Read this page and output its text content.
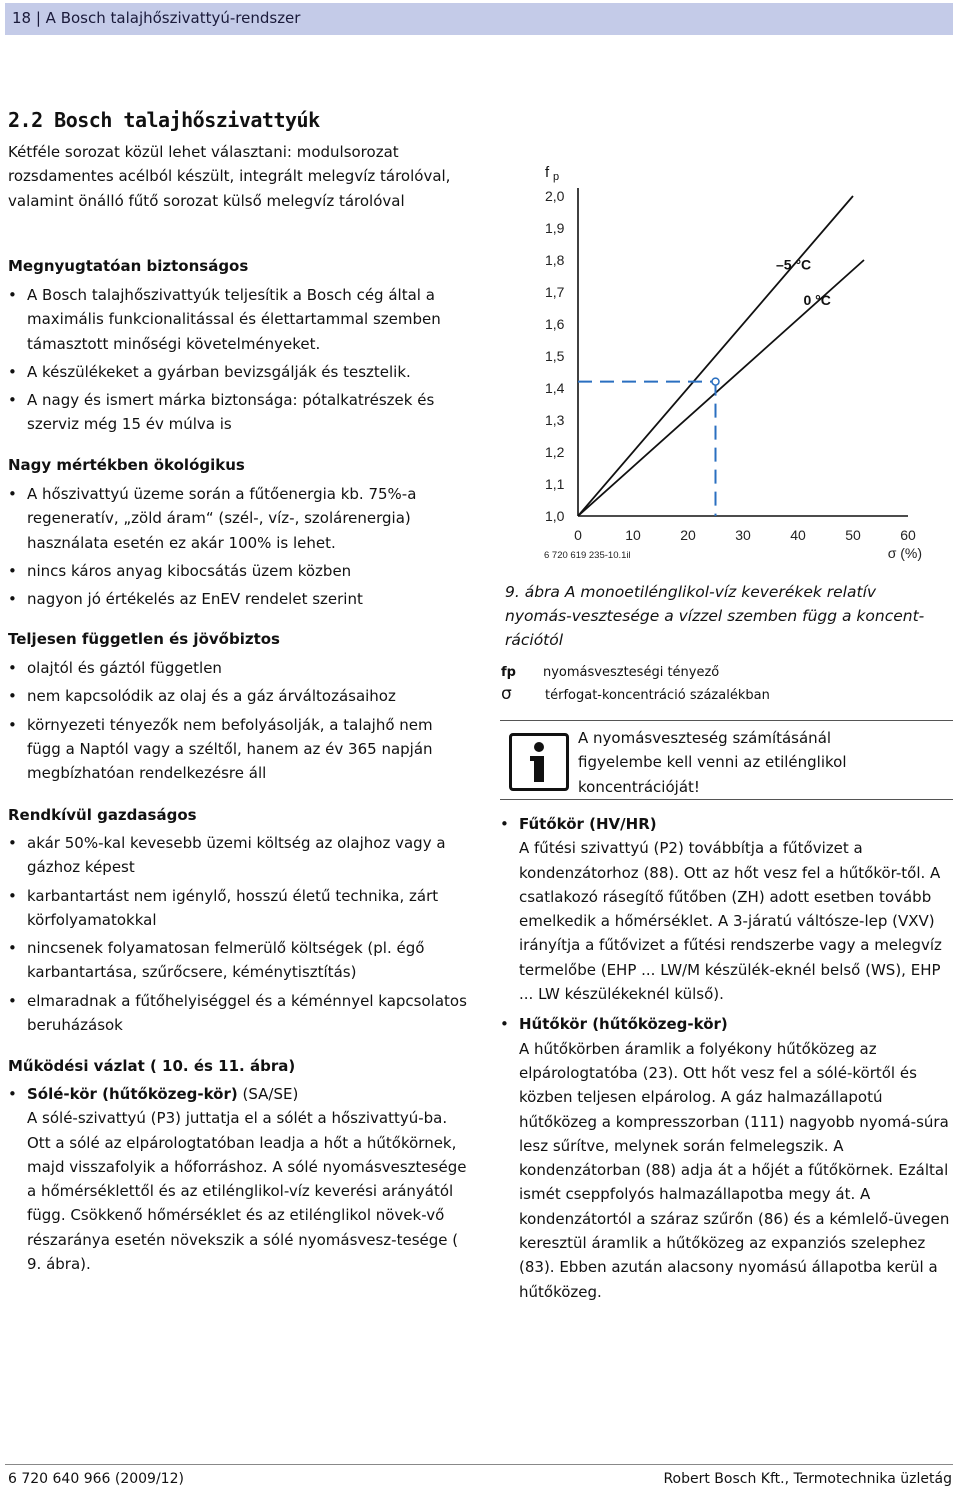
18 | A Bosch talajhőszivattyú-rendszer
2.2 Bosch talajhőszivattyúk
Kétféle sorozat közül lehet választani: modulsorozat rozsdamentes acélból készült, integrált melegvíz tárolóval, valamint önálló fűtő sorozat külső melegvíz tárolóval
Megnyugtatóan biztonságos
• A Bosch talajhőszivattyúk teljesítik a Bosch cég által a maximális funkcionalitással és élettartammal szemben támasztott minőségi követelményeket.
• A készülékeket a gyárban bevizsgálják és tesztelik.
• A nagy és ismert márka biztonsága: pótalkatrészek és szerviz még 15 év múlva is
Nagy mértékben ökológikus
• A hőszivattyú üzeme során a fűtőenergia kb. 75%-a regeneratív, „zöld áram“ (szél-, víz-, szolárenergia) használata esetén ez akár 100% is lehet.
• nincs káros anyag kibocsátás üzem közben
• nagyon jó értékelés az EnEV rendelet szerint
Teljesen független és jövőbiztos
• olajtól és gáztól független
• nem kapcsolódik az olaj és a gáz árváltozásaihoz
• környezeti tényezők nem befolyásolják, a talajhő nem függ a Naptól vagy a széltől, hanem az év 365 napján megbízhatóan rendelkezésre áll
Rendkívül gazdaságos
• akár 50%-kal kevesebb üzemi költség az olajhoz vagy a gázhoz képest
• karbantartást nem igénylő, hosszú életű technika, zárt körfolyamatokkal
• nincsenek folyamatosan felmerülő költségek (pl. égő karbantartása, szűrőcsere, kéménytisztítás)
• elmaradnak a fűtőhelyiséggel és a kéménnyel kapcsolatos beruházások
Működési vázlat ( 10. és 11. ábra)
• Sólé-kör (hűtőközeg-kör) (SA/SE)
A sólé-szivattyú (P3) juttatja el a sólét a hőszivattyú-ba. Ott a sólé az elpárologtatóban leadja a hőt a hűtőkörnek, majd visszafolyik a hőforráshoz. A sólé nyomásvesztesége a hőmérséklettől és az etilénglikol-víz keverési arányától függ. Csökkenő hőmérséklet és az etilénglikol növek-vő részaránya esetén növekszik a sólé nyomásvesz-tesége ( 9. ábra).
f p
2,0
1,9
1,8
1,7
1,6
1,5
1,4
1,3
1,2
1,1
1,0
0	10	20	30	40	50	60
σ (%)
6 720 619 235-10.1il
–5 °C
0 °C
9. ábra A monoetilénglikol-víz keverékek relatív nyomás-veszteségе a vízzel szemben függ a koncent-rációtól
fp nyomásveszteségi tényező
σ	térfogat-koncentráció százalékban
A nyomásveszteség számításánál figyelembe kell venni az etilénglikol koncentrációját!
• Fűtőkör (HV/HR)
A fűtési szivattyú (P2) továbbítja a fűtővizet a kondenzátorhoz (88). Ott az hőt vesz fel a hűtőkör-től. A csatlakozó rásegítő fűtőben (ZH) adott esetben tovább emelkedik a hőmérséklet. A 3-járatú váltósze-lep (VXV) irányítja a fűtővizet a fűtési rendszerbe vagy a melegvíz termelőbe (EHP ... LW/M készülék-eknél belső (WS), EHP ... LW készülékeknél külső).
• Hűtőkör (hűtőközeg-kör)
A hűtőkörben áramlik a folyékony hűtőközeg az elpárologtatóba (23). Ott hőt vesz fel a sólé-körtől és közben teljesen elpárolog. A gáz halmazállapotú hűtőközeg a kompresszorban (111) nagyobb nyomá-súra lesz sűrítve, melynek során felmelegszik. A kondenzátorban (88) adja át a hőjét a fűtőkörnek. Ezáltal ismét cseppfolyós halmazállapotba megy át. A kondenzátortól a száraz szűrőn (86) és a kémlelő-üvegen keresztül áramlik a hűtőközeg az expanziós szelephez (83). Ebben azután alacsony nyomású állapotba kerül a hűtőközeg.
6 720 640 966 (2009/12)	Robert Bosch Kft., Termotechnika üzletág
